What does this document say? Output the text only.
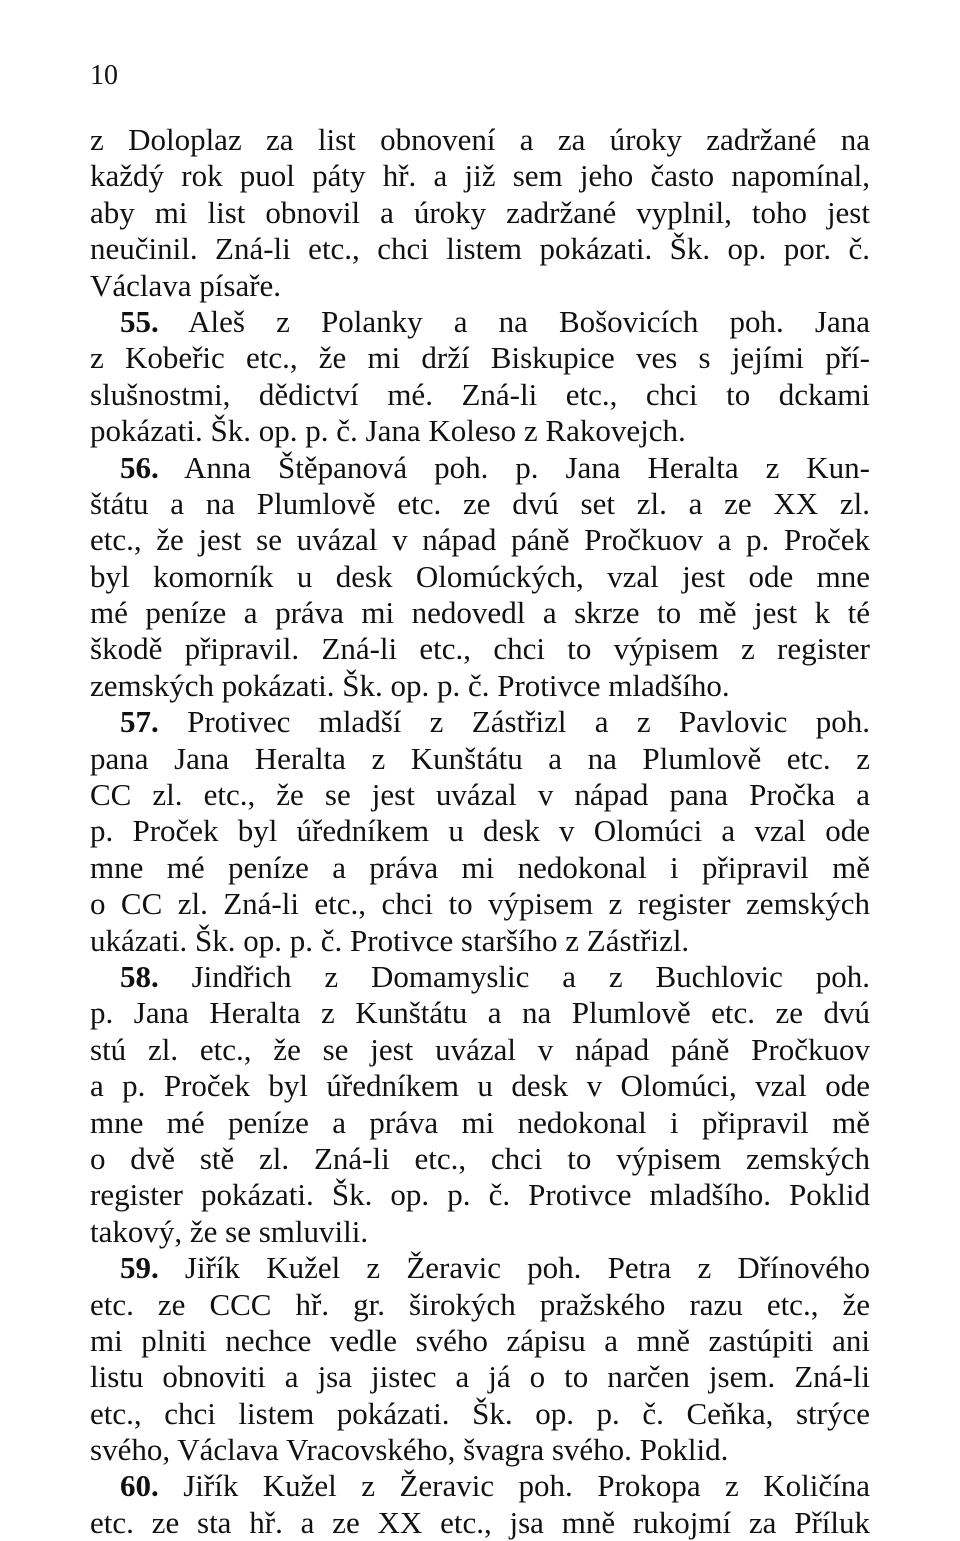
10
z Doloplaz za list obnovení a za úroky zadržané na
každý rok puol páty hř. a již sem jeho často napomínal,
aby mi list obnovil a úroky zadržané vyplnil, toho jest
neučinil. Zná-li etc., chci listem pokázati. Šk. op. por. č.
Václava písaře.
55. Aleš z Polanky a na Bošovicích poh. Jana
z Kobeřic etc., že mi drží Biskupice ves s jejími pří-
slušnostmi, dědictví mé. Zná-li etc., chci to dckami
pokázati. Šk. op. p. č. Jana Koleso z Rakovejch.
56. Anna Štěpanová poh. p. Jana Heralta z Kun-
štátu a na Plumlově etc. ze dvú set zl. a ze XX zl.
etc., že jest se uvázal v nápad páně Pročkuov a p. Proček
byl komorník u desk Olomúckých, vzal jest ode mne
mé peníze a práva mi nedovedl a skrze to mě jest k té
škodě připravil. Zná-li etc., chci to výpisem z register
zemských pokázati. Šk. op. p. č. Protivce mladšího.
57. Protivec mladší z Zástřizl a z Pavlovic poh.
pana Jana Heralta z Kunštátu a na Plumlově etc. z
CC zl. etc., že se jest uvázal v nápad pana Pročka a
p. Proček byl úředníkem u desk v Olomúci a vzal ode
mne mé peníze a práva mi nedokonal i připravil mě
o CC zl. Zná-li etc., chci to výpisem z register zemských
ukázati. Šk. op. p. č. Protivce staršího z Zástřizl.
58. Jindřich z Domamyslic a z Buchlovic poh.
p. Jana Heralta z Kunštátu a na Plumlově etc. ze dvú
stú zl. etc., že se jest uvázal v nápad páně Pročkuov
a p. Proček byl úředníkem u desk v Olomúci, vzal ode
mne mé peníze a práva mi nedokonal i připravil mě
o dvě stě zl. Zná-li etc., chci to výpisem zemských
register pokázati. Šk. op. p. č. Protivce mladšího. Poklid
takový, že se smluvili.
59. Jiřík Kužel z Žeravic poh. Petra z Dřínového
etc. ze CCC hř. gr. širokých pražského razu etc., že
mi plniti nechce vedle svého zápisu a mně zastúpiti ani
listu obnoviti a jsa jistec a já o to narčen jsem. Zná-li
etc., chci listem pokázati. Šk. op. p. č. Ceňka, strýce
svého, Václava Vracovského, švagra svého. Poklid.
60. Jiřík Kužel z Žeravic poh. Prokopa z Količína
etc. ze sta hř. a ze XX etc., jsa mně rukojmí za Příluk
